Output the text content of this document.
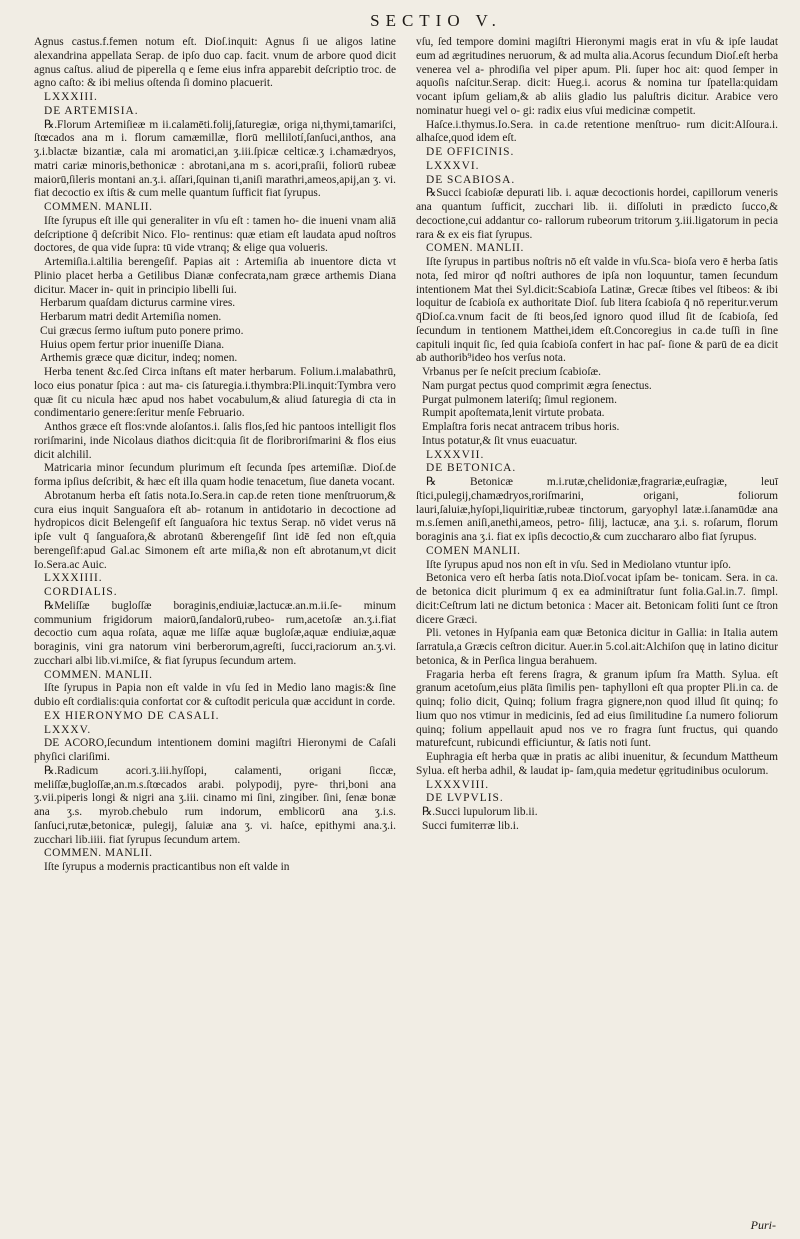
SECTIO V.

Agnus castus.f.femen notum eſt. Dioſ.inquit: Agnus ſi ue aligos latine alexandrina appellata Serap. de ipſo duo cap. facit. vnum de arbore quod dicit agnus caſtus. aliud de piperella q e ſeme eius infra apparebit deſcriptio troc. de agno caſto: & ibi melius oſtenda ſi domino placuerit.

LXXXIII.

DE ARTEMISIA.

℞.Florum Artemiſieæ m ii.calamēti.folij,ſaturegiæ, origa ni,thymi,tamariſci, ſtœcados ana m i. florum camæmillæ, florū mellilotí,ſanſuci,anthos, ana ʒ.i.blactæ bizantiæ, cala mi aromatici,an ʒ.iii.ſpicæ celticæ.ʒ i.chamædryos, matri cariæ minoris,bethonicæ : abrotani,ana m s. acori,praſii, foliorū rubeæ maiorū,ſileris montani an.ʒ.i. aſſari,ſquinan ti,aniſi marathri,ameos,apij,an ʒ. vi. fiat decoctio ex iſtis & cum melle quantum ſufficit fiat ſyrupus.

COMMEN. MANLII.

Iſte ſyrupus eſt ille qui generaliter in vſu eſt : tamen ho- die inueni vnam aliā deſcriptione q̃ deſcribit Nico. Flo- rentinus: quæ etiam eſt laudata apud noſtros doctores, de qua vide ſupra: tū vide vtranq; & elige qua volueris.

Artemiſia.i.altilia berengeſif. Papias ait : Artemiſia ab inuentore dicta vt Plinio placet herba a Getilibus Dianæ confecrata,nam græce arthemis Diana dicitur. Macer in- quit in principio libelli ſui.

Herbarum quaſdam dicturus carmine vires.

Herbarum matri dedit Artemiſia nomen.

Cui græcus ſermo iuſtum puto ponere primo.

Huius opem fertur prior inueniſſe Diana.

Arthemis græce quæ dicitur, indeq; nomen.

Herba tenent &c.ſed Circa inſtans eſt mater herbarum. Folium.i.malabathrū, loco eius ponatur ſpica : aut ma- cis ſaturegia.i.thymbra:Pli.inquit:Tymbra vero quæ ſit cu nicula hæc apud nos habet vocabulum,& aliud ſaturegia di cta in condimentario genere:ſeritur menſe Februario.

Anthos græce eſt flos:vnde aloſantos.i. ſalis flos,ſed hic pantoos intelligit flos roriſmarini, inde Nicolaus diathos dicit:quia ſit de floribroriſmarini & flos eius dicit alchilil.

Matricaria minor ſecundum plurimum eſt ſecunda ſpes artemiſiæ. Dioſ.de forma ipſius deſcribit, & hæc eſt illa quam hodie tenacetum, ſiue daneta vocant.

Abrotanum herba eſt ſatis nota.Io.Sera.in cap.de reten tione menſtruorum,& cura eius inquit Sanguaſora eſt ab- rotanum in antidotario in decoctione ad hydropicos dicit Belengeſif eſt ſanguaſora hic textus Serap. nō videt verus nā ipſe vult q̄ ſanguaſora,& abrotanū &berengeſif ſint idē ſed non eſt,quia berengeſif:apud Gal.ac Simonem eſt arte miſia,& non eſt abrotanum,vt dicit Io.Sera.ac Auic.

LXXXIIII.

CORDIALIS.

℞Meliſſæ bugloſſæ boraginis,endiuiæ,lactucæ.an.m.ii.ſe- minum communium frigidorum maiorū,ſandalorū,rubeo- rum,acetoſæ an.ʒ.i.fiat decoctio cum aqua roſata, aquæ me liſſæ aquæ bugloſæ,aquæ endiuiæ,aquæ boraginis, vini gra natorum vini berberorum,agreſti, ſucci,raciorum an.ʒ.vi. zucchari albi lib.vi.miſce, & fiat ſyrupus ſecundum artem.

COMMEN. MANLII.

Iſte ſyrupus in Papia non eſt valde in vſu ſed in Medio lano magis:& ſine dubio eſt cordialis:quia confortat cor & cuſtodit pericula quæ accidunt in corde.

EX HIERONYMO DE CASALI.

LXXXV.

DE ACORO,ſecundum intentionem domini magiſtri Hieronymi de Caſali phyſici clariſimi.

℞.Radicum acori.ʒ.iii.hyſſopi, calamenti, origani ſiccæ, meliſſæ,bugloſſæ,an.m.s.ſtœcados arabi. polypodij, pyre- thri,boni ana ʒ.vii.piperis longi & nigri ana ʒ.iii. cinamo mi ſini, zingiber. ſini, ſenæ bonæ ana ʒ.s. myrob.chebulo rum indorum, emblicorū ana ʒ.i.s. ſanſuci,rutæ,betonicæ, pulegij, ſaluiæ ana ʒ. vi. haſce, epithymi ana.ʒ.i. zucchari lib.iiii. fiat ſyrupus ſecundum artem.

COMMEN. MANLII.

Iſte ſyrupus a modernis practicantibus non eſt valde in

vſu, ſed tempore domini magiſtri Hieronymi magis erat in vſu & ipſe laudat eum ad ægritudines neruorum, & ad multa alia.Acorus ſecundum Dioſ.eſt herba venerea vel a- phrodiſia vel piper apum. Pli. ſuper hoc ait: quod ſemper in aquoſis naſcitur.Serap. dicit: Hueg.i. acorus & nomina tur ſpatella:quidam vocant ipſum geliam,& ab aliis gladio lus paluſtris dicitur. Arabice vero nominatur huegi vel o- gi: radix eius vſui medicinæ competit.

Haſce.i.thymus.Io.Sera. in ca.de retentione menſtruo- rum dicit:Alſoura.i. alhaſce,quod idem eſt.

DE OFFICINIS.

LXXXVI.

DE SCABIOSA.

℞Succi ſcabioſæ depurati lib. i. aquæ decoctionis hordei, capillorum veneris ana quantum ſufficit, zucchari lib. ii. diſſoluti in prædicto ſucco,& decoctione,cui addantur co- rallorum rubeorum tritorum ʒ.iii.ligatorum in pecia rara & ex eis fiat ſyrupus.

COMEN. MANLII.

Iſte ſyrupus in partibus noſtris nō eſt valde in vſu.Sca- bioſa vero ē herba ſatis nota, ſed miror qđ noſtri authores de ipſa non loquuntur, tamen ſecundum intentionem Mat thei Syl.dicit:Scabioſa Latinæ, Grecæ ſtibes vel ſtibeos: & ibi loquitur de ſcabioſa ex authoritate Dioſ. ſub litera ſcabioſa q̄ nō reperitur.verum q̄Dioſ.ca.vnum facit de ſti beos,ſed ignoro quod illud ſit de ſcabioſa, ſed ſecundum in tentionem Matthei,idem eſt.Concoregius in ca.de tuſſi in ſine capituli inquit ſic, ſed quia ſcabioſa confert in hac paſ- ſione & parū de ea dicit ab authorib⁹ideo hos verſus nota.

Vrbanus per ſe neſcit precium ſcabioſæ.

Nam purgat pectus quod comprimit ægra ſenectus.

Purgat pulmonem lateriſq; ſimul regionem.

Rumpit apoſtemata,lenit virtute probata.

Emplaſtra foris necat antracem tribus horis.

Intus potatur,& ſit vnus euacuatur.

LXXXVII.

DE BETONICA.

℞ Betonicæ m.i.rutæ,chelidoniæ,fragrariæ,euſragiæ, leuī ſtici,pulegij,chamædryos,roriſmarini, origani, foliorum lauri,ſaluiæ,hyſopi,liquiritiæ,rubeæ tinctorum, garyophyl latæ.i.ſanamūdæ ana m.s.ſemen aniſi,anethi,ameos, petro- ſilij, lactucæ, ana ʒ.i. s. roſarum, florum boraginis ana ʒ.i. fiat ex ipſis decoctio,& cum zucchararo albo fiat ſyrupus.

COMEN MANLII.

Iſte ſyrupus apud nos non eſt in vſu. Sed in Mediolano vtuntur ipſo.

Betonica vero eſt herba ſatis nota.Dioſ.vocat ipſam be- tonicam. Sera. in ca. de betonica dicit plurimum q̄ ex ea adminiſtratur ſunt folia.Gal.in.7. ſimpl. dicit:Ceſtrum lati ne dictum betonica : Macer ait. Betonicam foliti ſunt ce ſtron dicere Græci.

Pli. vetones in Hyſpania eam quæ Betonica dicitur in Gallia: in Italia autem ſarratula,a Græcis ceſtron dicitur. Auer.in 5.col.ait:Alchiſon quę in latino dicitur betonica, & in Perſica lingua berahuem.

Fragaria herba eſt ferens ſragra, & granum ipſum ſra Matth. Sylua. eſt granum acetoſum,eius plāta ſimilis pen- taphylloni eſt qua propter Pli.in ca. de quinq; folio dicit, Quinq; folium fragra gignere,non quod illud ſit quinq; fo lium quo nos vtimur in medicinis, ſed ad eius ſimilitudine ſ.a numero foliorum quinq; folium appellauit apud nos ve ro fragra ſunt fructus, qui quando maturefcunt, rubicundi efficiuntur, & ſatis noti ſunt.

Euphragia eſt herba quæ in pratis ac alibi inuenitur, & ſecundum Mattheum Sylua. eſt herba adhil, & laudat ip- ſam,quia medetur ęgritudinibus oculorum.

LXXXVIII.

DE LVPVLIS.

℞.Succi lupulorum lib.ii.

Succi fumiterræ lib.i.

Puri-
